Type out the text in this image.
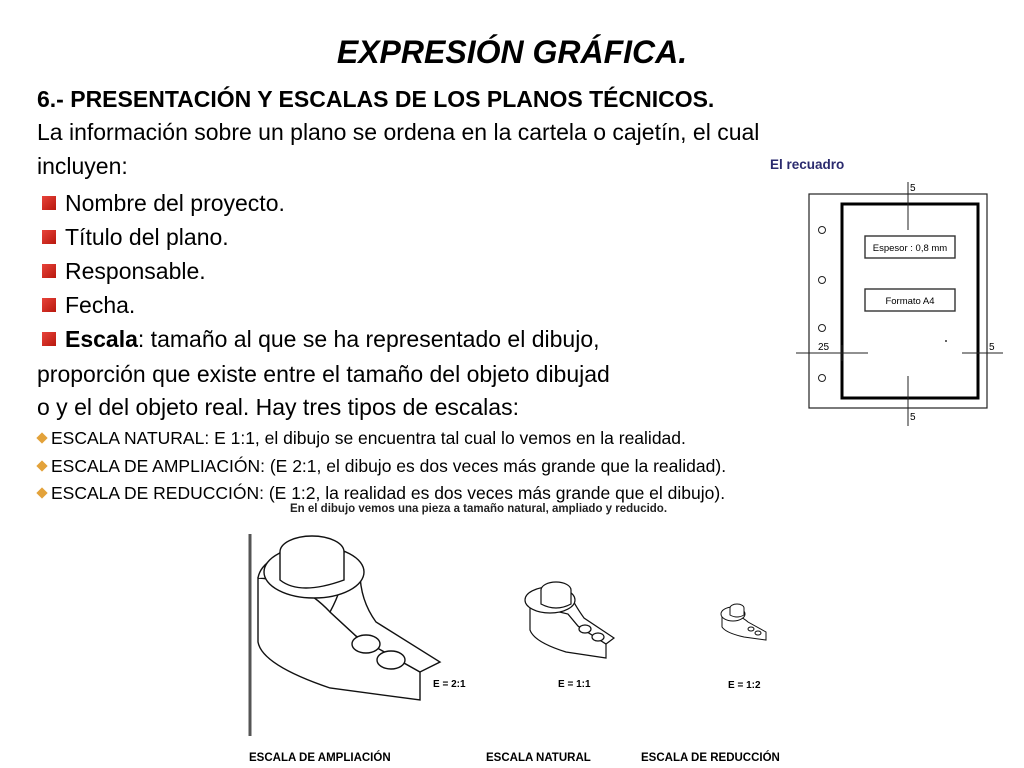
EXPRESIÓN GRÁFICA.
6.- PRESENTACIÓN Y ESCALAS DE LOS PLANOS TÉCNICOS.
La información sobre un plano se ordena en la cartela o cajetín, el cual
incluyen:
Nombre del proyecto.
Título del plano.
Responsable.
Fecha.
Escala: tamaño al que se ha representado el dibujo,
proporción que existe entre el tamaño del objeto dibujad
o y el del objeto real. Hay tres tipos de escalas:
ESCALA NATURAL: E 1:1, el dibujo se encuentra tal cual lo vemos en la realidad.
ESCALA DE AMPLIACIÓN: (E 2:1, el dibujo es dos veces más grande que la realidad).
ESCALA DE REDUCCIÓN: (E 1:2, la realidad es dos veces más grande que el dibujo).
El recuadro
5
25	5
5
Espesor : 0,8 mm
Formato A4
En el dibujo vemos una pieza a tamaño natural, ampliado y reducido.
E = 2:1	E = 1:1	E = 1:2
ESCALA DE AMPLIACIÓN	ESCALA NATURAL	ESCALA DE REDUCCIÓN
